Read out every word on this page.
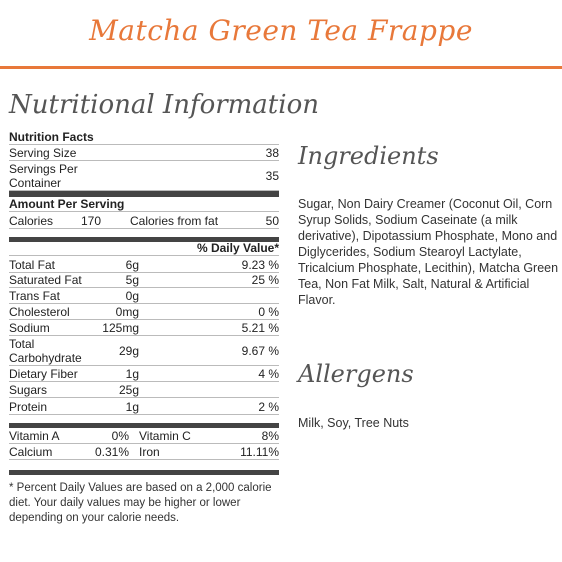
Matcha Green Tea Frappe
Nutritional Information
Nutrition Facts
Serving Size	38
Servings Per Container
35
Amount Per Serving
Calories	170	Calories from fat	50
% Daily Value*
Total Fat	6g	9.23 %
Saturated Fat	5g	25 %
Trans Fat	0g
Cholesterol	0mg	0 %
Sodium	125mg	5.21 %
Total Carbohydrate
29g	9.67 %
Dietary Fiber	1g	4 %
Sugars	25g
Protein	1g	2 %
Vitamin A	0% Vitamin C	8%
Calcium	0.31% Iron	11.11%
* Percent Daily Values are based on a 2,000 calorie diet. Your daily values may be higher or lower depending on your calorie needs.
Ingredients
Sugar, Non Dairy Creamer (Coconut Oil, Corn Syrup Solids, Sodium Caseinate (a milk derivative), Dipotassium Phosphate, Mono and Diglycerides, Sodium Stearoyl Lactylate, Tricalcium Phosphate, Lecithin), Matcha Green Tea, Non Fat Milk, Salt, Natural & Artificial Flavor.
Allergens
Milk, Soy, Tree Nuts
